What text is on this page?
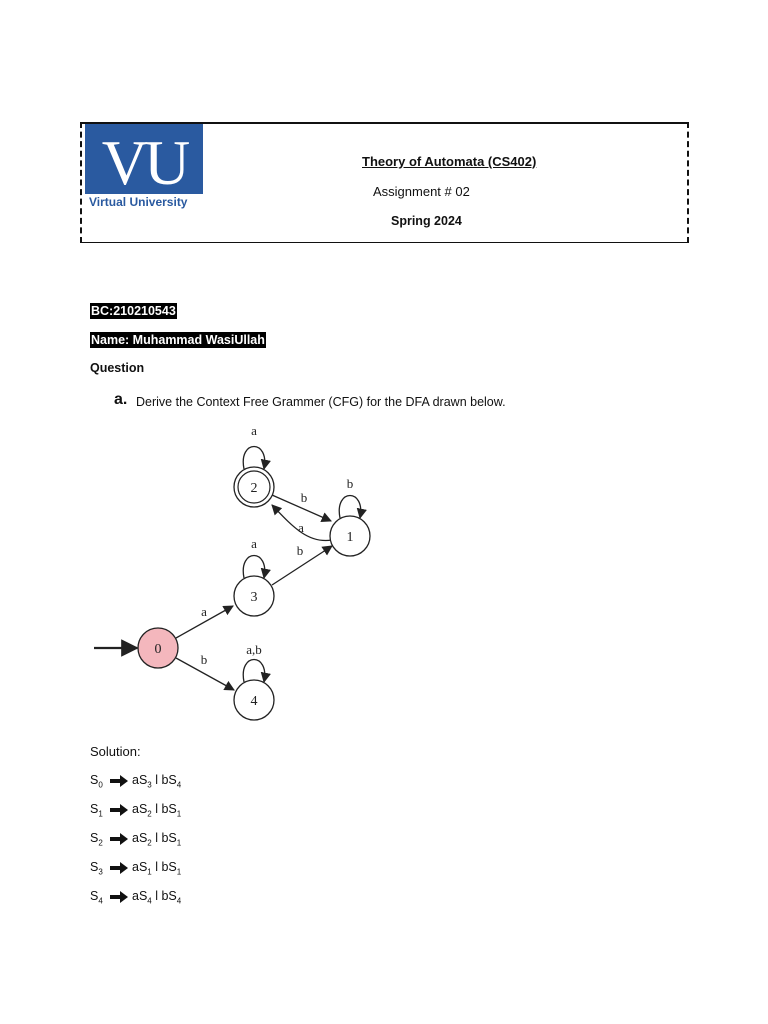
VU
Virtual University
Theory of Automata (CS402)
Assignment # 02
Spring 2024
BC:210210543
Name: Muhammad WasiUllah
Question
a. Derive the Context Free Grammer (CFG) for the DFA drawn below.
a
b
a	b
b
a
a
b
a,b
0
1
2
3
4
Solution:
$S_0$	$aS_3$ l $bS_4$
$S_1$	$aS_2$ l $bS_1$
$S_2$	$aS_2$ l $bS_1$
$S_3$	$aS_1$ l $bS_1$
$S_4$	$aS_4$ l $bS_4$
